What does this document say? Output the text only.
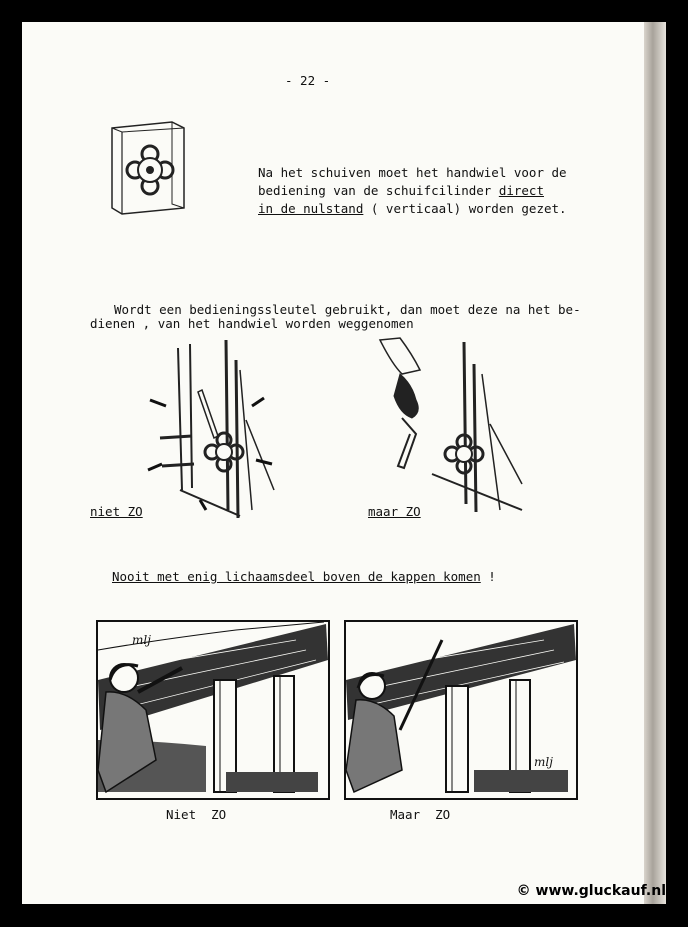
- 22 -
Na het schuiven moet het handwiel voor de
bediening van de schuifcilinder direct
in de nulstand ( verticaal) worden gezet.
Wordt een bedieningssleutel gebruikt, dan moet deze na het be-
dienen , van het handwiel worden weggenomen
niet ZO	maar ZO
Nooit met enig lichaamsdeel boven de kappen komen !
mlj
mlj
Niet  ZO	Maar  ZO
© www.gluckauf.nl
